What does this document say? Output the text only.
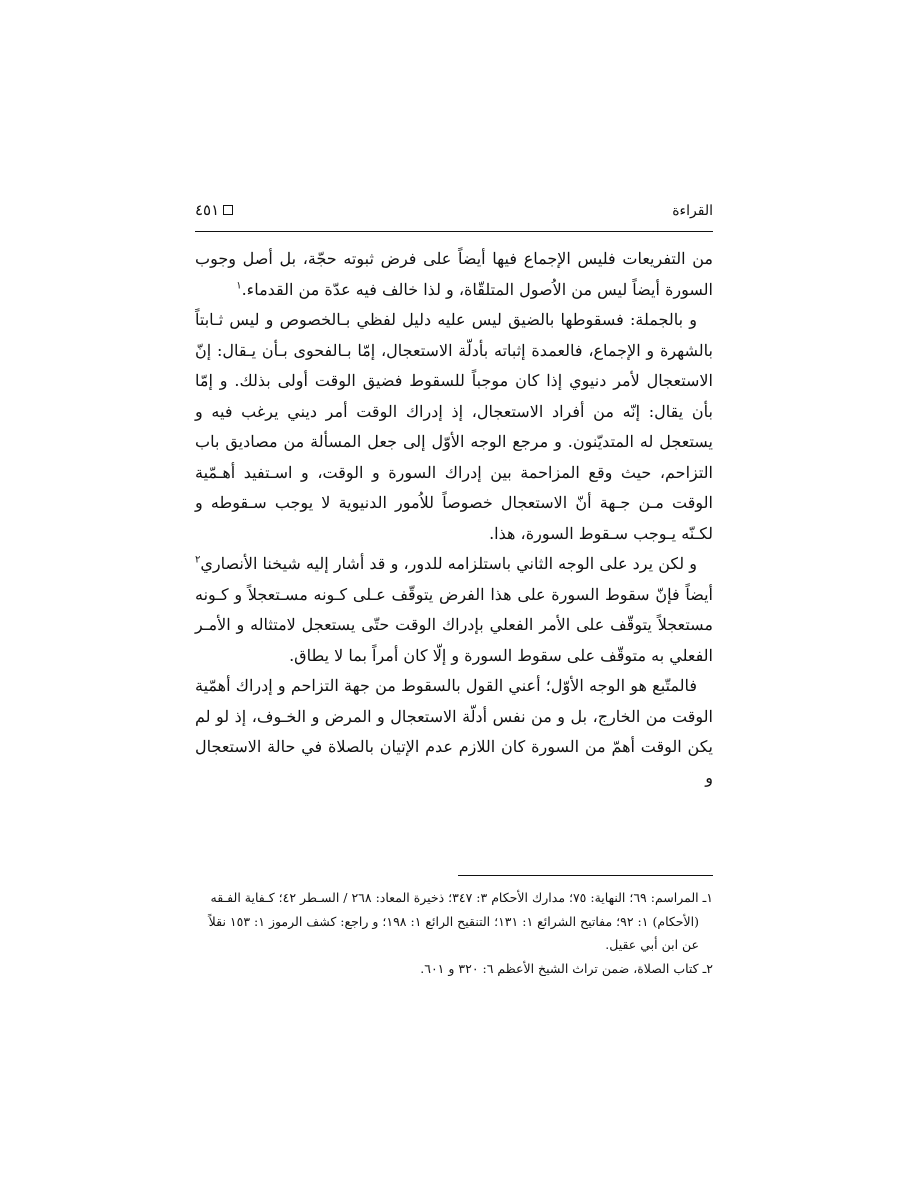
القراءة
٤٥١

من التفريعات فليس الإجماع فيها أيضاً على فرض ثبوته حجّة، بل أصل وجوب السورة أيضاً ليس من الاُصول المتلقّاة، و لذا خالف فيه عدّة من القدماء.$^١$

و بالجملة: فسقوطها بالضيق ليس عليه دليل لفظي بـالخصوص و ليس ثـابتاً بالشهرة و الإجماع، فالعمدة إثباته بأدلّة الاستعجال، إمّا بـالفحوى بـأن يـقال: إنّ الاستعجال لأمر دنيوي إذا كان موجباً للسقوط فضيق الوقت أولى بذلك. و إمّا بأن يقال: إنّه من أفراد الاستعجال، إذ إدراك الوقت أمر ديني يرغب فيه و يستعجل له المتديّنون. و مرجع الوجه الأوّل إلى جعل المسألة من مصاديق باب التزاحم، حيث وقع المزاحمة بين إدراك السورة و الوقت، و اسـتفيد أهـمّية الوقت مـن جـهة أنّ الاستعجال خصوصاً للاُمور الدنيوية لا يوجب سـقوطه و لكـنّه يـوجب سـقوط السورة، هذا.

و لكن يرد على الوجه الثاني باستلزامه للدور، و قد أشار إليه شيخنا الأنصاري$^٢$ أيضاً فإنّ سقوط السورة على هذا الفرض يتوقّف عـلى كـونه مسـتعجلاً و كـونه مستعجلاً يتوقّف على الأمر الفعلي بإدراك الوقت حتّى يستعجل لامتثاله و الأمـر الفعلي به متوقّف على سقوط السورة و إلّا كان أمراً بما لا يطاق.

فالمتّبع هو الوجه الأوّل؛ أعني القول بالسقوط من جهة التزاحم و إدراك أهمّية الوقت من الخارج، بل و من نفس أدلّة الاستعجال و المرض و الخـوف، إذ لو لم يكن الوقت أهمّ من السورة كان اللازم عدم الإتيان بالصلاة في حالة الاستعجال و

١ـ المراسم: ٦٩؛ النهاية: ٧٥؛ مدارك الأحكام ٣: ٣٤٧؛ ذخيرة المعاد: ٢٦٨ / السـطر ٤٢؛ كـفاية الفـقه

(الأحكام) ١: ٩٢؛ مفاتيح الشرائع ١: ١٣١؛ التنقيح الرائع ١: ١٩٨؛ و راجع: كشف الرموز ١: ١٥٣ نقلاً

عن ابن أبي عقيل.

٢ـ كتاب الصلاة، ضمن تراث الشيخ الأعظم ٦: ٣٢٠ و ٦٠١.
